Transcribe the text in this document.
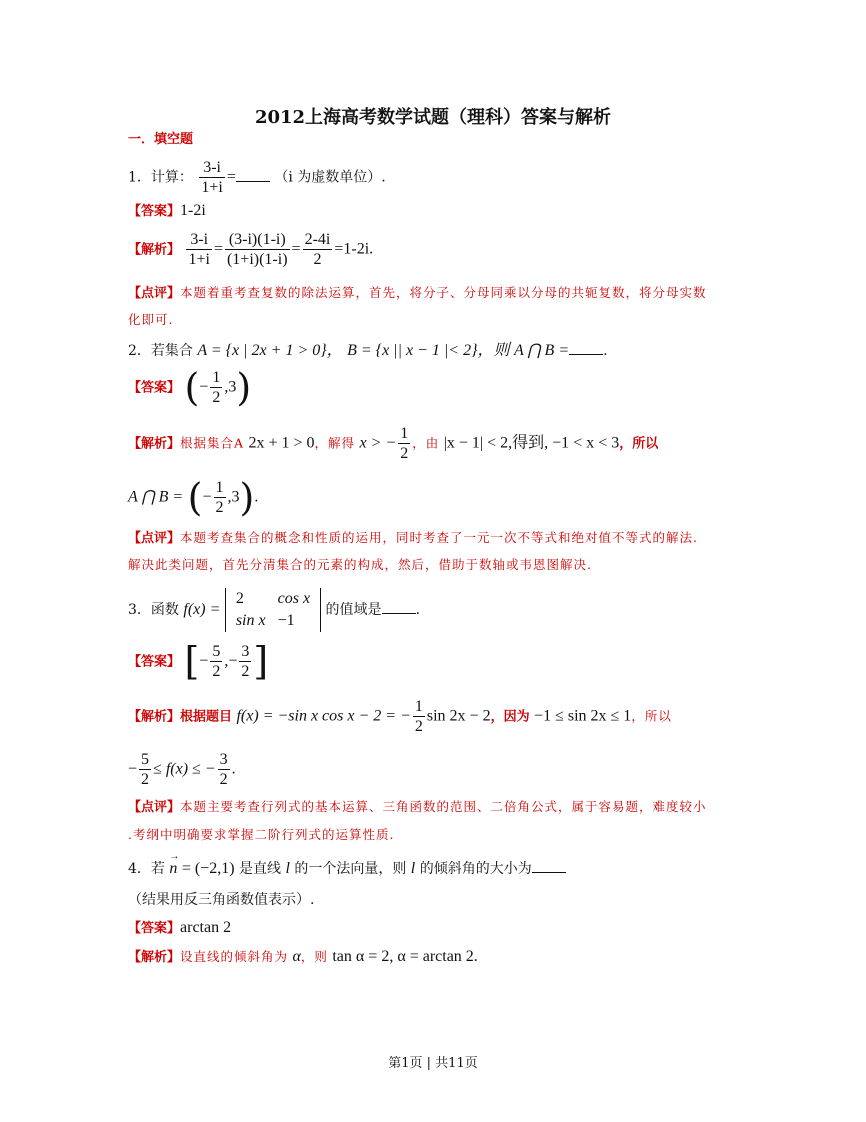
2012上海高考数学试题（理科）答案与解析
一．填空题
1．计算： $\frac{3-i}{1+i}$ =	（i 为虚数单位）.
【答案】1-2i
【解析】 $\frac{3-i}{1+i} = \frac{(3-i)(1-i)}{(1+i)(1-i)} = \frac{2-4i}{2} =1-2i$.
【点评】本题着重考查复数的除法运算，首先，将分子、分母同乘以分母的共轭复数，将分母实数
化即可.
2．若集合 A = {x | 2x + 1 > 0}， B = {x || x − 1 |< 2}，则 A ⋂ B = .
【答案】 (− $\frac{1}{2} ,3$)
【解析】根据集合A 2x + 1 > 0，解得 x > − $\frac{1}{2}$ ，由 |x − 1| < 2,得到, −1 < x < 3，所以
A ⋂ B = (− $\frac{1}{2} ,3$).
【点评】本题考查集合的概念和性质的运用，同时考查了一元一次不等式和绝对值不等式的解法.
解决此类问题，首先分清集合的元素的构成，然后，借助于数轴或韦恩图解决.
3．函数 f(x) =
2	cos x
sin x	−1
的值域是 .
【答案】 [− $\frac{5}{2}$ ,− $\frac{3}{2}$ ]
【解析】根据题目 f(x) = −sin x cos x − 2 = − $\frac{1}{2}$ sin 2x − 2，因为 −1 ≤ sin 2x ≤ 1，所以
− $\frac{5}{2} \le f(x)$ ≤ − $\frac{3}{2}$ .
【点评】本题主要考查行列式的基本运算、三角函数的范围、二倍角公式，属于容易题，难度较小
.考纲中明确要求掌握二阶行列式的运算性质.
4．若 → n = (−2,1) 是直线 l 的一个法向量，则 l 的倾斜角的大小为
（结果用反三角函数值表示）.
【答案】arctan 2
【解析】设直线的倾斜角为 α，则 tan α = 2, α = arctan 2.
第1页 | 共11页
